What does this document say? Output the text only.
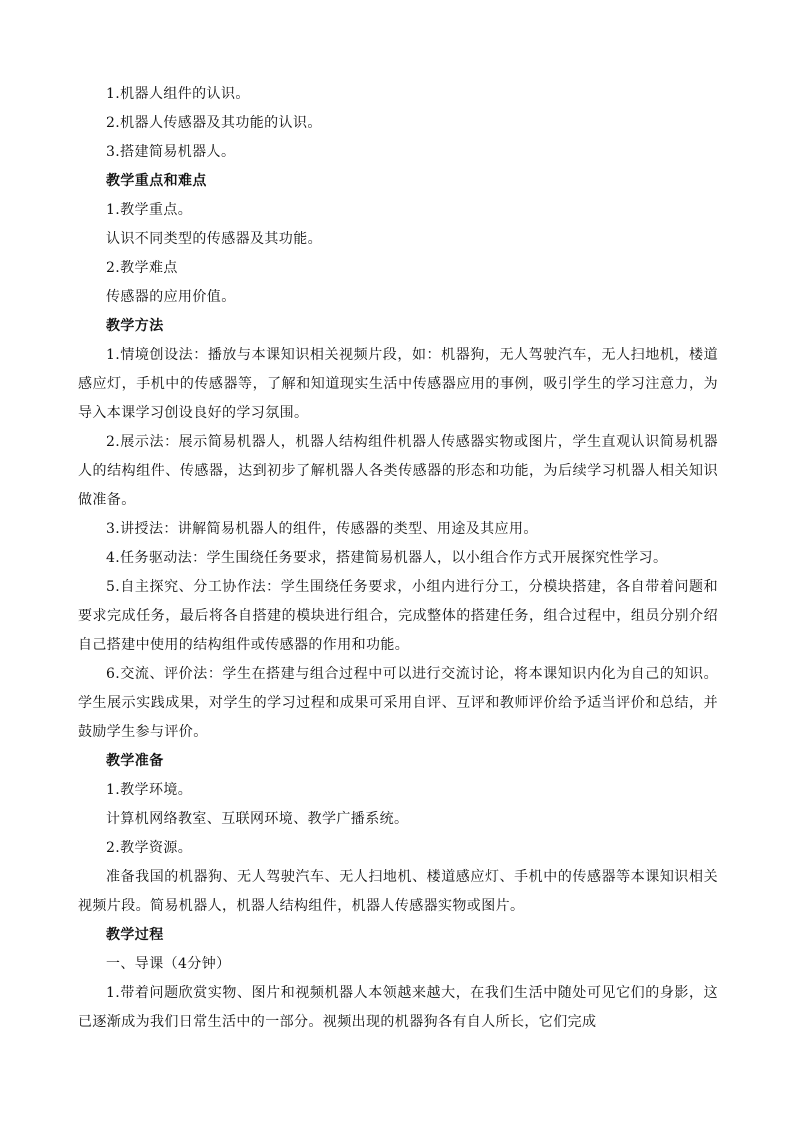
1.机器人组件的认识。

2.机器人传感器及其功能的认识。

3.搭建简易机器人。

教学重点和难点

1.教学重点。

认识不同类型的传感器及其功能。

2.教学难点

传感器的应用价值。

教学方法

1.情境创设法：播放与本课知识相关视频片段，如：机器狗，无人驾驶汽车，无人扫地机，楼道感应灯，手机中的传感器等，了解和知道现实生活中传感器应用的事例，吸引学生的学习注意力，为导入本课学习创设良好的学习氛围。

2.展示法：展示简易机器人，机器人结构组件机器人传感器实物或图片，学生直观认识简易机器人的结构组件、传感器，达到初步了解机器人各类传感器的形态和功能，为后续学习机器人相关知识做准备。

3.讲授法：讲解简易机器人的组件，传感器的类型、用途及其应用。

4.任务驱动法：学生围绕任务要求，搭建简易机器人，以小组合作方式开展探究性学习。

5.自主探究、分工协作法：学生围绕任务要求，小组内进行分工，分模块搭建，各自带着问题和要求完成任务，最后将各自搭建的模块进行组合，完成整体的搭建任务，组合过程中，组员分别介绍自己搭建中使用的结构组件或传感器的作用和功能。

6.交流、评价法：学生在搭建与组合过程中可以进行交流讨论，将本课知识内化为自己的知识。学生展示实践成果，对学生的学习过程和成果可采用自评、互评和教师评价给予适当评价和总结，并鼓励学生参与评价。

教学准备

1.教学环境。

计算机网络教室、互联网环境、教学广播系统。

2.教学资源。

准备我国的机器狗、无人驾驶汽车、无人扫地机、楼道感应灯、手机中的传感器等本课知识相关视频片段。简易机器人，机器人结构组件，机器人传感器实物或图片。

教学过程

一、导课（4分钟）

1.带着问题欣赏实物、图片和视频机器人本领越来越大，在我们生活中随处可见它们的身影，这已逐渐成为我们日常生活中的一部分。视频出现的机器狗各有自人所长，它们完成
